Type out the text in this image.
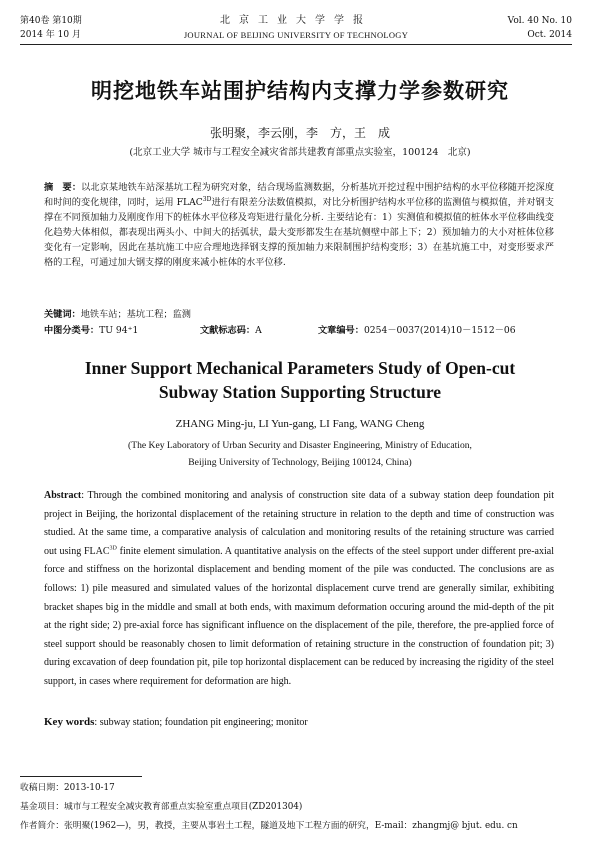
第40卷 第10期
2014 年 10 月
北京工业大学学报
JOURNAL OF BEIJING UNIVERSITY OF TECHNOLOGY
Vol. 40 No. 10
Oct. 2014
明挖地铁车站围护结构内支撑力学参数研究
张明聚，李云刚，李　方，王　成
(北京工业大学 城市与工程安全减灾省部共建教育部重点实验室，100124　北京)
摘　要：以北京某地铁车站深基坑工程为研究对象，结合现场监测数据，分析基坑开挖过程中围护结构的水平位移随开挖深度和时间的变化规律，同时，运用 $FLAC^{3D}$进行有限差分法数值模拟，对比分析围护结构水平位移的监测值与模拟值，并对钢支撑在不同预加轴力及刚度作用下的桩体水平位移及弯矩进行量化分析. 主要结论有：1）实测值和模拟值的桩体水平位移曲线变化趋势大体相似，都表现出两头小、中间大的括弧状，最大变形都发生在基坑侧壁中部上下；2）预加轴力的大小对桩体位移变化有一定影响，因此在基坑施工中应合理地选择钢支撑的预加轴力来限制围护结构变形；3）在基坑施工中，对变形要求严格的工程，可通过加大钢支撑的刚度来减小桩体的水平位移.
关键词：地铁车站；基坑工程；监测
中图分类号：TU 94⁺1	文献标志码：A	文章编号：0254－0037(2014)10－1512－06
Inner Support Mechanical Parameters Study of Open-cut
Subway Station Supporting Structure
ZHANG Ming-ju, LI Yun-gang, LI Fang, WANG Cheng
(The Key Laboratory of Urban Security and Disaster Engineering, Ministry of Education,
Beijing University of Technology, Beijing 100124, China)
Abstract: Through the combined monitoring and analysis of construction site data of a subway station deep foundation pit project in Beijing, the horizontal displacement of the retaining structure in relation to the depth and time of construction was studied. At the same time, a comparative analysis of calculation and monitoring results of the retaining structure was carried out using $FLAC^{3D}$ finite element simulation. A quantitative analysis on the effects of the steel support under different pre-axial force and stiffness on the horizontal displacement and bending moment of the pile was conducted. The conclusions are as follows: 1) pile measured and simulated values of the horizontal displacement curve trend are generally similar, exhibiting bracket shapes big in the middle and small at both ends, with maximum deformation occuring around the mid-depth of the pit at the right side; 2) pre-axial force has significant influence on the displacement of the pile, therefore, the pre-applied force of steel support should be reasonably chosen to limit deformation of retaining structure in the construction of foundation pit; 3) during excavation of deep foundation pit, pile top horizontal displacement can be reduced by increasing the rigidity of the steel support, in cases where requirement for deformation are high.
Key words: subway station; foundation pit engineering; monitor
收稿日期：2013-10-17
基金项目：城市与工程安全减灾教育部重点实验室重点项目(ZD201304)
作者简介：张明聚(1962—)，男，教授，主要从事岩土工程，隧道及地下工程方面的研究，E-mail：zhangmj@ bjut. edu. cn
